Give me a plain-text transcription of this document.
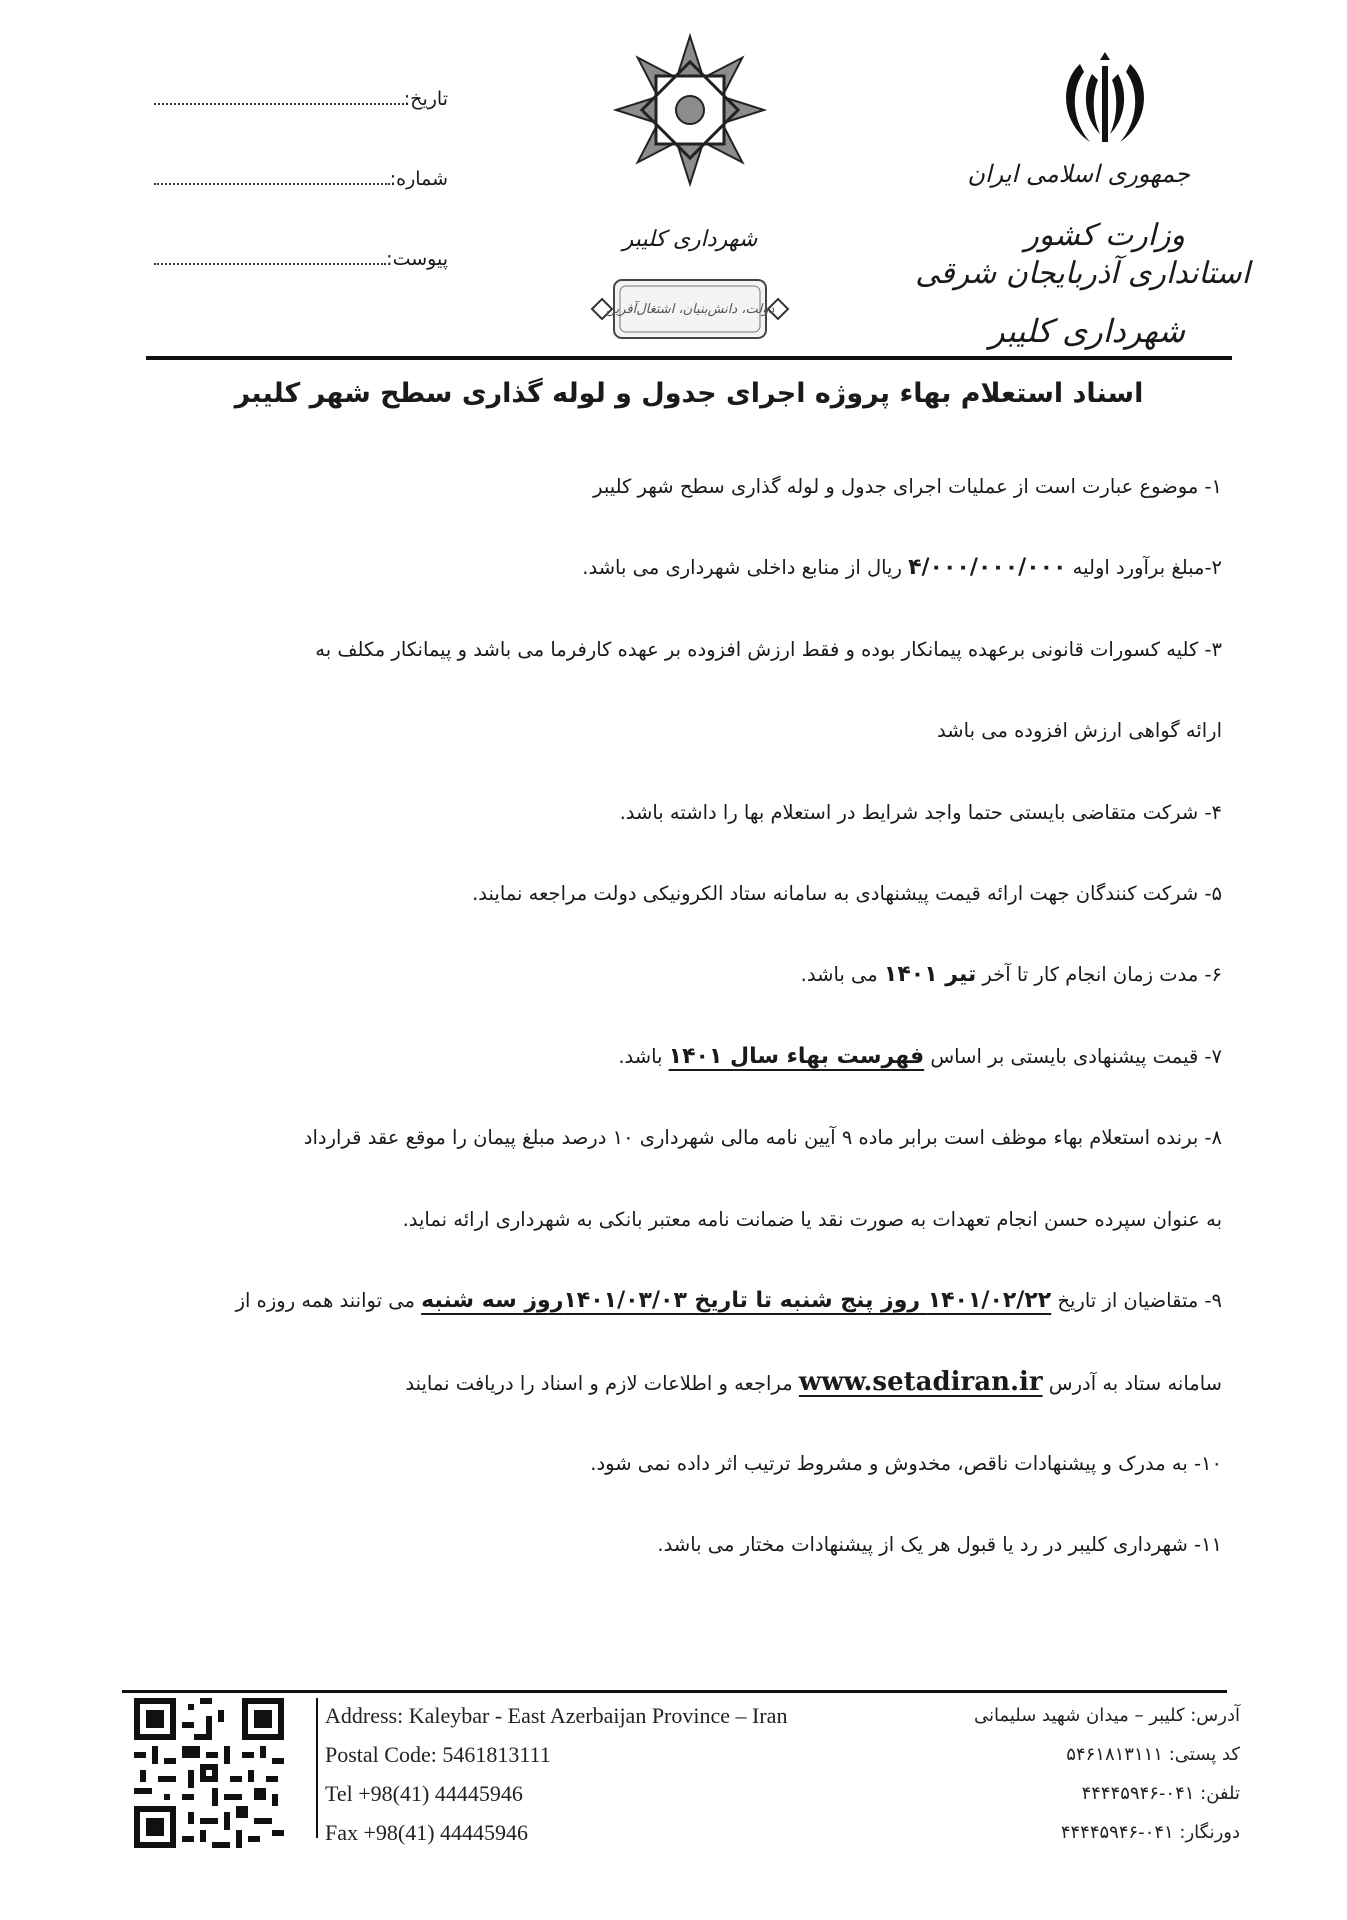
تاریخ:
شماره:
پیوست:
شهرداری کلیبر
دولت، دانش‌بنیان، اشتغال‌آفرین
جمهوری اسلامی ایران
وزارت کشور
استانداری آذربایجان شرقی
شهرداری کلیبر
اسناد استعلام بهاء پروژه اجرای جدول و لوله گذاری سطح شهر کلیبر
۱- موضوع عبارت است از عملیات اجرای جدول و لوله گذاری سطح شهر کلیبر
۲-مبلغ برآورد اولیه ۴/۰۰۰/۰۰۰/۰۰۰ ریال از منابع داخلی شهرداری می باشد.
۳- کلیه کسورات قانونی برعهده پیمانکار بوده و فقط ارزش افزوده بر عهده کارفرما می باشد و پیمانکار مکلف به
ارائه گواهی ارزش افزوده می باشد
۴- شرکت متقاضی بایستی حتما واجد شرایط در استعلام بها را داشته باشد.
۵- شرکت کنندگان جهت ارائه قیمت پیشنهادی به سامانه ستاد الکرونیکی دولت مراجعه نمایند.
۶- مدت زمان انجام کار تا آخر تیر ۱۴۰۱ می باشد.
۷- قیمت پیشنهادی بایستی بر اساس فهرست بهاء سال ۱۴۰۱ باشد.
۸- برنده استعلام بهاء موظف است برابر ماده ۹ آیین نامه مالی شهرداری ۱۰ درصد مبلغ پیمان را موقع عقد قرارداد
به عنوان سپرده حسن انجام تعهدات به صورت نقد یا ضمانت نامه معتبر بانکی به شهرداری ارائه نماید.
۹- متقاضیان از تاریخ ۱۴۰۱/۰۲/۲۲ روز پنج شنبه تا تاریخ ۱۴۰۱/۰۳/۰۳روز سه شنبه می توانند همه روزه از
سامانه ستاد به آدرس www.setadiran.ir مراجعه و اطلاعات لازم و اسناد را دریافت نمایند
۱۰- به مدرک و پیشنهادات ناقص، مخدوش و مشروط ترتیب اثر داده نمی شود.
۱۱- شهرداری کلیبر در رد یا قبول هر یک از پیشنهادات مختار می باشد.
Address: Kaleybar - East Azerbaijan Province – Iran
Postal Code: 5461813111
Tel +98(41) 44445946
Fax +98(41) 44445946
آدرس: کلیبر – میدان شهید سلیمانی
کد پستی: ۵۴۶۱۸۱۳۱۱۱
تلفن: ۰۴۱-۴۴۴۴۵۹۴۶
دورنگار: ۰۴۱-۴۴۴۴۵۹۴۶
